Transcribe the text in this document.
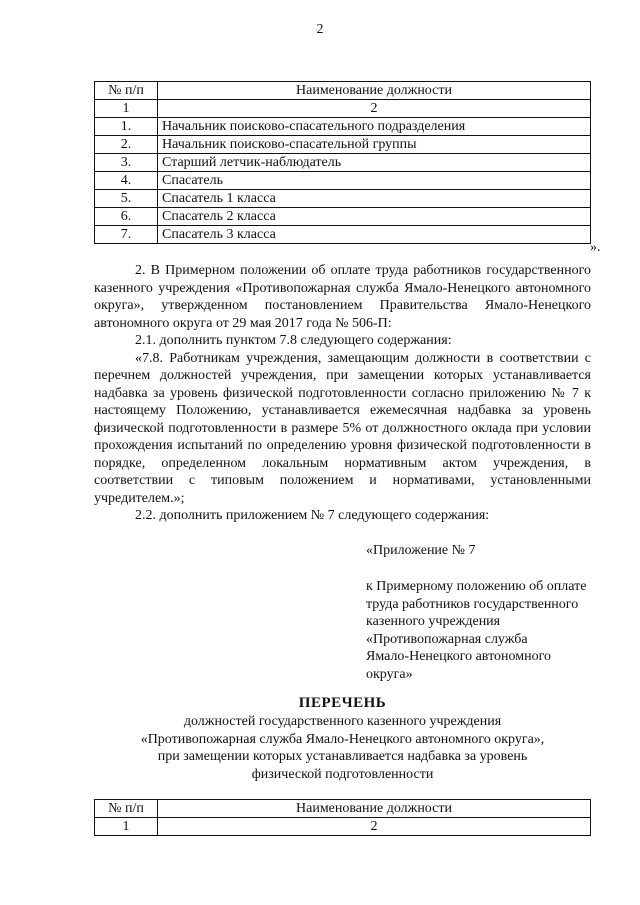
2
№ п/п	Наименование должности
1	2
1.	Начальник поисково-спасательного подразделения
2.	Начальник поисково-спасательной группы
3.	Старший летчик-наблюдатель
4.	Спасатель
5.	Спасатель 1 класса
6.	Спасатель 2 класса
7.	Спасатель 3 класса
».

2. В Примерном положении об оплате труда работников государственного казенного учреждения «Противопожарная служба Ямало-Ненецкого автономного округа», утвержденном постановлением Правительства Ямало-Ненецкого автономного округа от 29 мая 2017 года № 506-П:

2.1. дополнить пунктом 7.8 следующего содержания:

«7.8. Работникам учреждения, замещающим должности в соответствии с перечнем должностей учреждения, при замещении которых устанавливается надбавка за уровень физической подготовленности согласно приложению № 7 к настоящему Положению, устанавливается ежемесячная надбавка за уровень физической подготовленности в размере 5% от должностного оклада при условии прохождения испытаний по определению уровня физической подготовленности в порядке, определенном локальным нормативным актом учреждения, в соответствии с типовым положением и нормативами, установленными учредителем.»;

2.2. дополнить приложением № 7 следующего содержания:

«Приложение № 7
к Примерному положению об оплате
труда работников государственного
казенного учреждения
«Противопожарная служба
Ямало-Ненецкого автономного
округа»
ПЕРЕЧЕНЬ
должностей государственного казенного учреждения
«Противопожарная служба Ямало-Ненецкого автономного округа»,
при замещении которых устанавливается надбавка за уровень
физической подготовленности
№ п/п	Наименование должности
1	2
